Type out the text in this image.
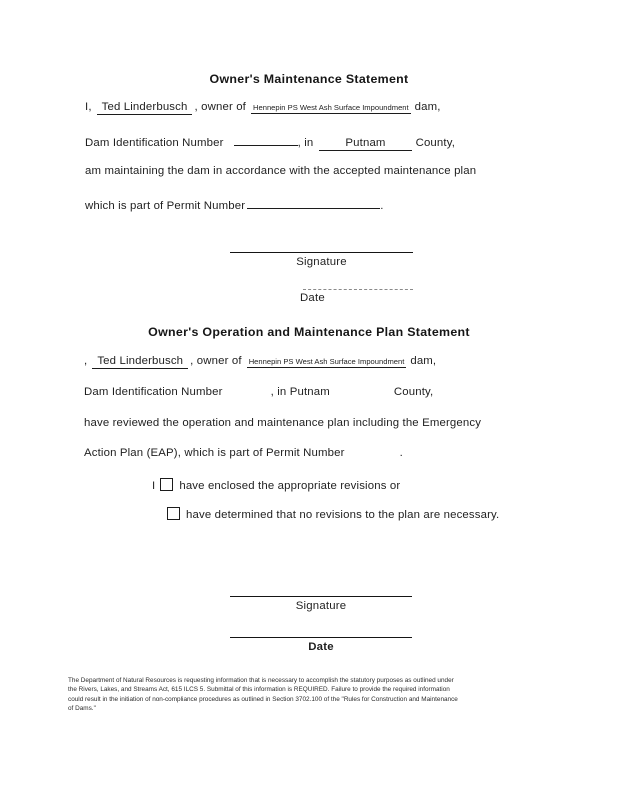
Owner's Maintenance Statement
I, Ted Linderbusch , owner of Hennepin PS West Ash Surface Impoundment dam,
Dam Identification Number	, in	Putnam	County,
am maintaining the dam in accordance with the accepted maintenance plan
which is part of Permit Number	.
Signature
Date
Owner's Operation and Maintenance Plan Statement
, Ted Linderbusch , owner of Hennepin PS West Ash Surface Impoundment dam,
Dam Identification Number	, in Putnam	County,
have reviewed the operation and maintenance plan including the Emergency
Action Plan (EAP), which is part of Permit Number	.
I have enclosed the appropriate revisions or
have determined that no revisions to the plan are necessary.
Signature
Date
The Department of Natural Resources is requesting information that is necessary to accomplish the statutory purposes as outlined under
the Rivers, Lakes, and Streams Act, 615 ILCS 5. Submittal of this information is REQUIRED. Failure to provide the required information
could result in the initiation of non-compliance procedures as outlined in Section 3702.100 of the "Rules for Construction and Maintenance
of Dams."
